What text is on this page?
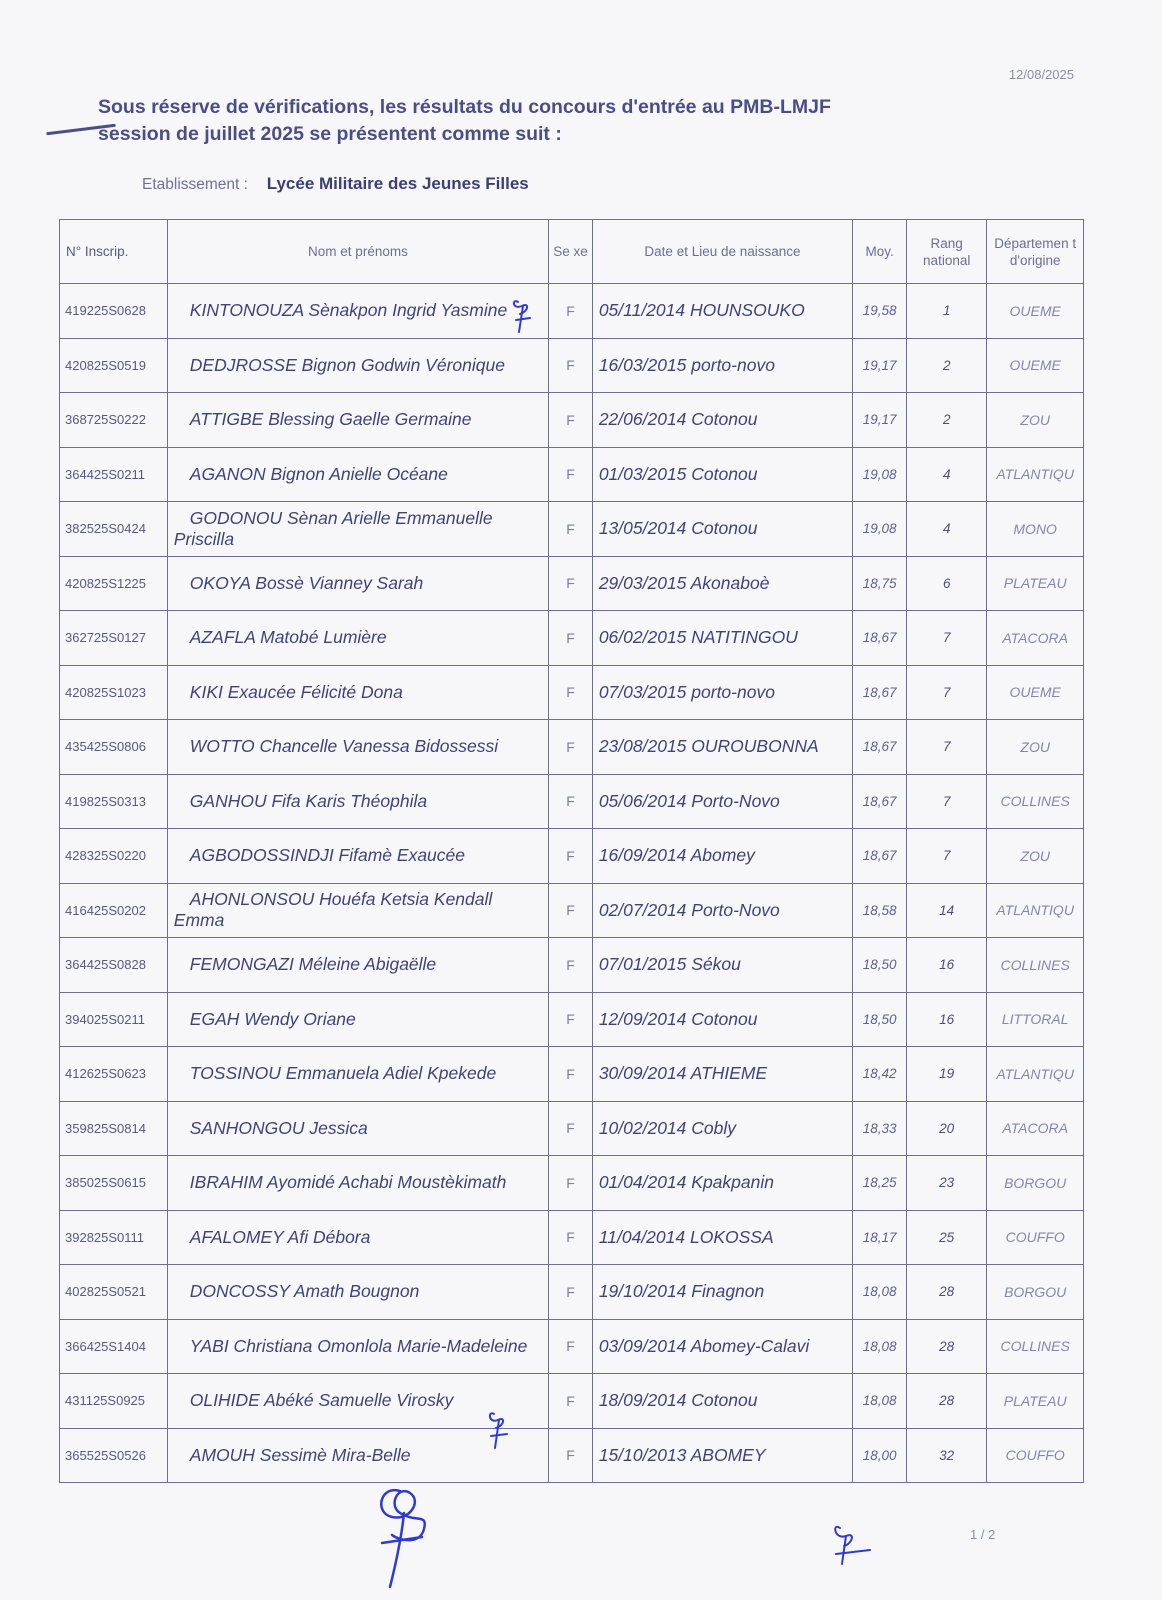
12/08/2025
Sous réserve de vérifications, les résultats du concours d'entrée au PMB-LMJF
session de juillet 2025 se présentent comme suit :
Etablissement : Lycée Militaire des Jeunes Filles
N° Inscrip.	Nom et prénoms	Se xe	Date et Lieu de naissance	Moy.	Rang national	Départemen t d'origine
419225S0628	KINTONOUZA Sènakpon Ingrid Yasmine	F	05/11/2014 HOUNSOUKO	19,58	1	OUEME
420825S0519	DEDJROSSE Bignon Godwin Véronique	F	16/03/2015 porto-novo	19,17	2	OUEME
368725S0222	ATTIGBE Blessing Gaelle Germaine	F	22/06/2014 Cotonou	19,17	2	ZOU
364425S0211	AGANON Bignon Anielle Océane	F	01/03/2015 Cotonou	19,08	4	ATLANTIQU
382525S0424	GODONOU Sènan Arielle Emmanuelle Priscilla	F	13/05/2014 Cotonou	19,08	4	MONO
420825S1225	OKOYA Bossè Vianney Sarah	F	29/03/2015 Akonaboè	18,75	6	PLATEAU
362725S0127	AZAFLA Matobé Lumière	F	06/02/2015 NATITINGOU	18,67	7	ATACORA
420825S1023	KIKI Exaucée Félicité Dona	F	07/03/2015 porto-novo	18,67	7	OUEME
435425S0806	WOTTO Chancelle Vanessa Bidossessi	F	23/08/2015 OUROUBONNA	18,67	7	ZOU
419825S0313	GANHOU Fifa Karis Théophila	F	05/06/2014 Porto-Novo	18,67	7	COLLINES
428325S0220	AGBODOSSINDJI Fifamè Exaucée	F	16/09/2014 Abomey	18,67	7	ZOU
416425S0202	AHONLONSOU Houéfa Ketsia Kendall Emma	F	02/07/2014 Porto-Novo	18,58	14	ATLANTIQU
364425S0828	FEMONGAZI Méleine Abigaëlle	F	07/01/2015 Sékou	18,50	16	COLLINES
394025S0211	EGAH Wendy Oriane	F	12/09/2014 Cotonou	18,50	16	LITTORAL
412625S0623	TOSSINOU Emmanuela Adiel Kpekede	F	30/09/2014 ATHIEME	18,42	19	ATLANTIQU
359825S0814	SANHONGOU Jessica	F	10/02/2014 Cobly	18,33	20	ATACORA
385025S0615	IBRAHIM Ayomidé Achabi Moustèkimath	F	01/04/2014 Kpakpanin	18,25	23	BORGOU
392825S0111	AFALOMEY Afi Débora	F	11/04/2014 LOKOSSA	18,17	25	COUFFO
402825S0521	DONCOSSY Amath Bougnon	F	19/10/2014 Finagnon	18,08	28	BORGOU
366425S1404	YABI Christiana Omonlola Marie-Madeleine	F	03/09/2014 Abomey-Calavi	18,08	28	COLLINES
431125S0925	OLIHIDE Abéké Samuelle Virosky	F	18/09/2014 Cotonou	18,08	28	PLATEAU
365525S0526	AMOUH Sessimè Mira-Belle	F	15/10/2013 ABOMEY	18,00	32	COUFFO
1 / 2
